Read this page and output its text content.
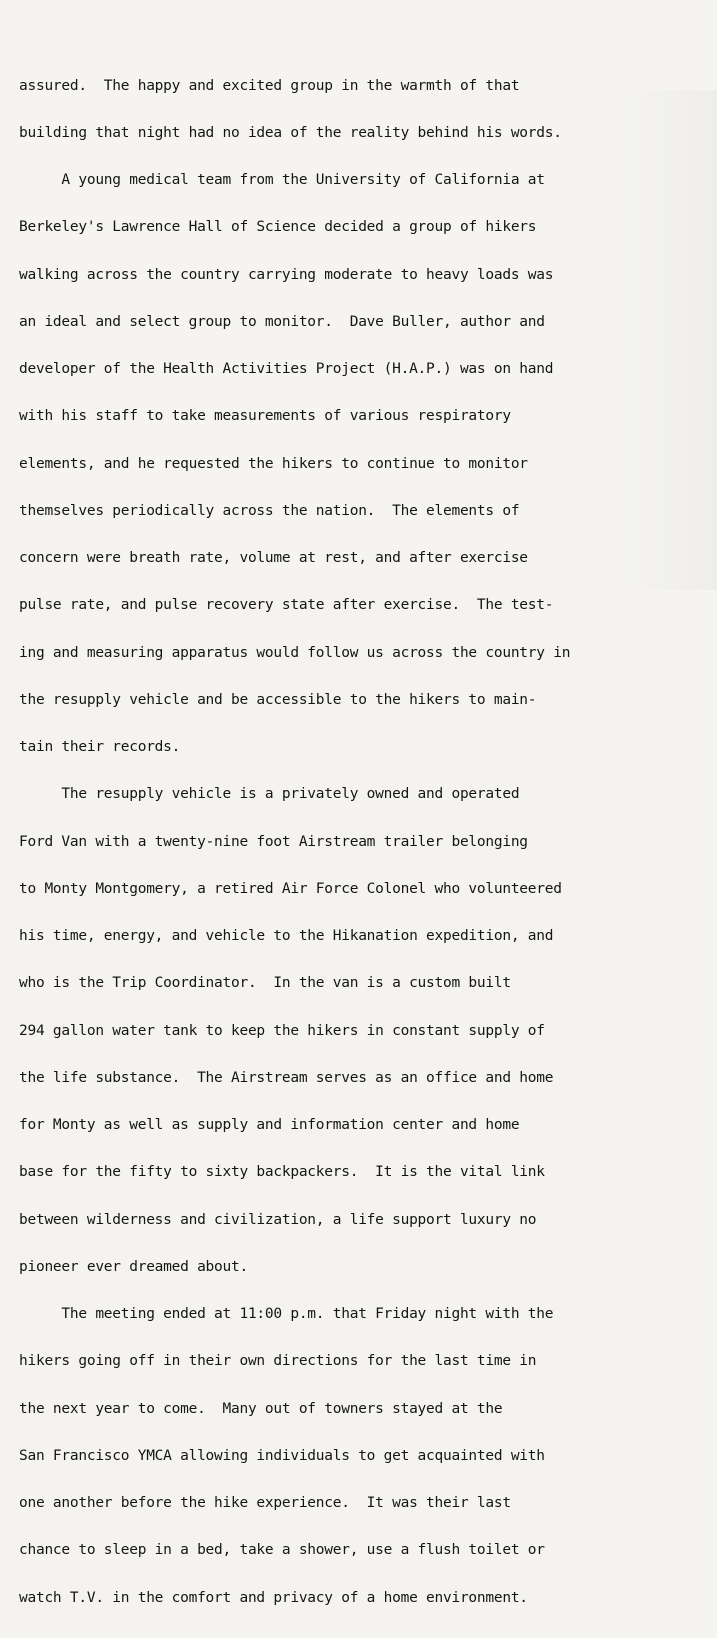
assured.  The happy and excited group in the warmth of that

building that night had no idea of the reality behind his words.

A young medical team from the University of California at

Berkeley's Lawrence Hall of Science decided a group of hikers

walking across the country carrying moderate to heavy loads was

an ideal and select group to monitor.  Dave Buller, author and

developer of the Health Activities Project (H.A.P.) was on hand

with his staff to take measurements of various respiratory

elements, and he requested the hikers to continue to monitor

themselves periodically across the nation.  The elements of

concern were breath rate, volume at rest, and after exercise

pulse rate, and pulse recovery state after exercise.  The test-

ing and measuring apparatus would follow us across the country in

the resupply vehicle and be accessible to the hikers to main-

tain their records.

The resupply vehicle is a privately owned and operated

Ford Van with a twenty-nine foot Airstream trailer belonging

to Monty Montgomery, a retired Air Force Colonel who volunteered

his time, energy, and vehicle to the Hikanation expedition, and

who is the Trip Coordinator.  In the van is a custom built

294 gallon water tank to keep the hikers in constant supply of

the life substance.  The Airstream serves as an office and home

for Monty as well as supply and information center and home

base for the fifty to sixty backpackers.  It is the vital link

between wilderness and civilization, a life support luxury no

pioneer ever dreamed about.

The meeting ended at 11:00 p.m. that Friday night with the

hikers going off in their own directions for the last time in

the next year to come.  Many out of towners stayed at the

San Francisco YMCA allowing individuals to get acquainted with

one another before the hike experience.  It was their last

chance to sleep in a bed, take a shower, use a flush toilet or

watch T.V. in the comfort and privacy of a home environment.
